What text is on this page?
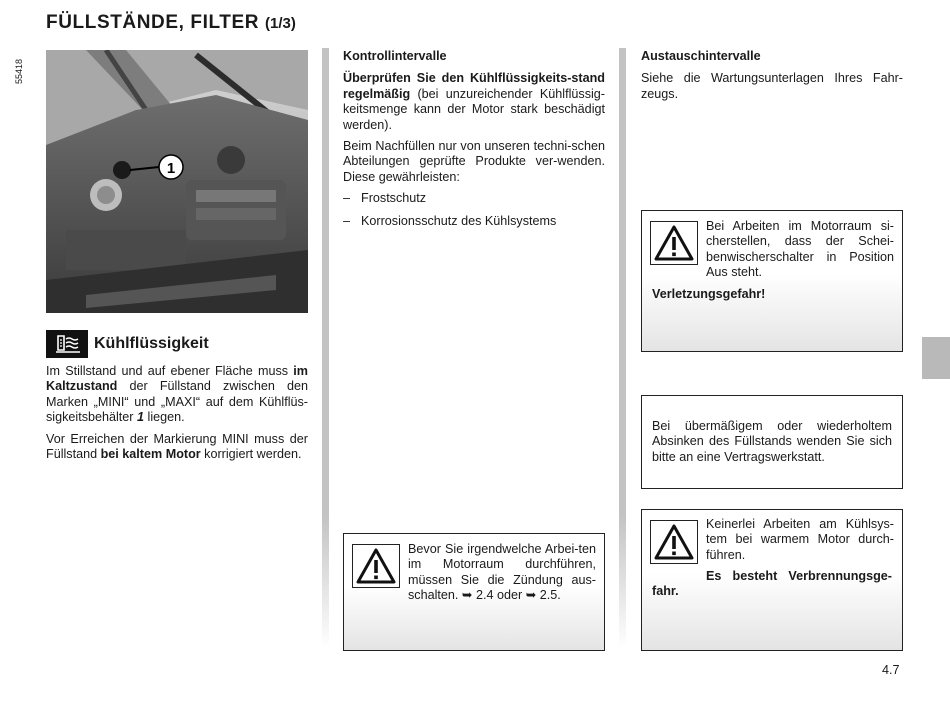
FÜLLSTÄNDE, FILTER (1/3)
1
55418
Kühlflüssigkeit

Im Stillstand und auf ebener Fläche muss im Kaltzustand der Füllstand zwischen den Marken „MINI“ und „MAXI“ auf dem Kühlflüs-sigkeitsbehälter 1 liegen.

Vor Erreichen der Markierung MINI muss der Füllstand bei kaltem Motor korrigiert werden.

Kontrollintervalle

Überprüfen Sie den Kühlflüssigkeits-stand regelmäßig (bei unzureichender Kühlflüssig-keitsmenge kann der Motor stark beschädigt werden).

Beim Nachfüllen nur von unseren techni-schen Abteilungen geprüfte Produkte ver-wenden. Diese gewährleisten:

– Frostschutz
– Korrosionsschutz des Kühlsystems
Bevor Sie irgendwelche Arbei-ten im Motorraum durchführen, müssen Sie die Zündung aus-schalten. ➥ 2.4 oder ➥ 2.5.
Austauschintervalle

Siehe die Wartungsunterlagen Ihres Fahr-zeugs.

Bei Arbeiten im Motorraum si-cherstellen, dass der Schei-benwischerschalter in Position Aus steht.
Verletzungsgefahr!
Bei übermäßigem oder wiederholtem Absinken des Füllstands wenden Sie sich bitte an eine Vertragswerkstatt.
Keinerlei Arbeiten am Kühlsys-tem bei warmem Motor durch-führen.
Es besteht Verbrennungsge-fahr.
4.7
